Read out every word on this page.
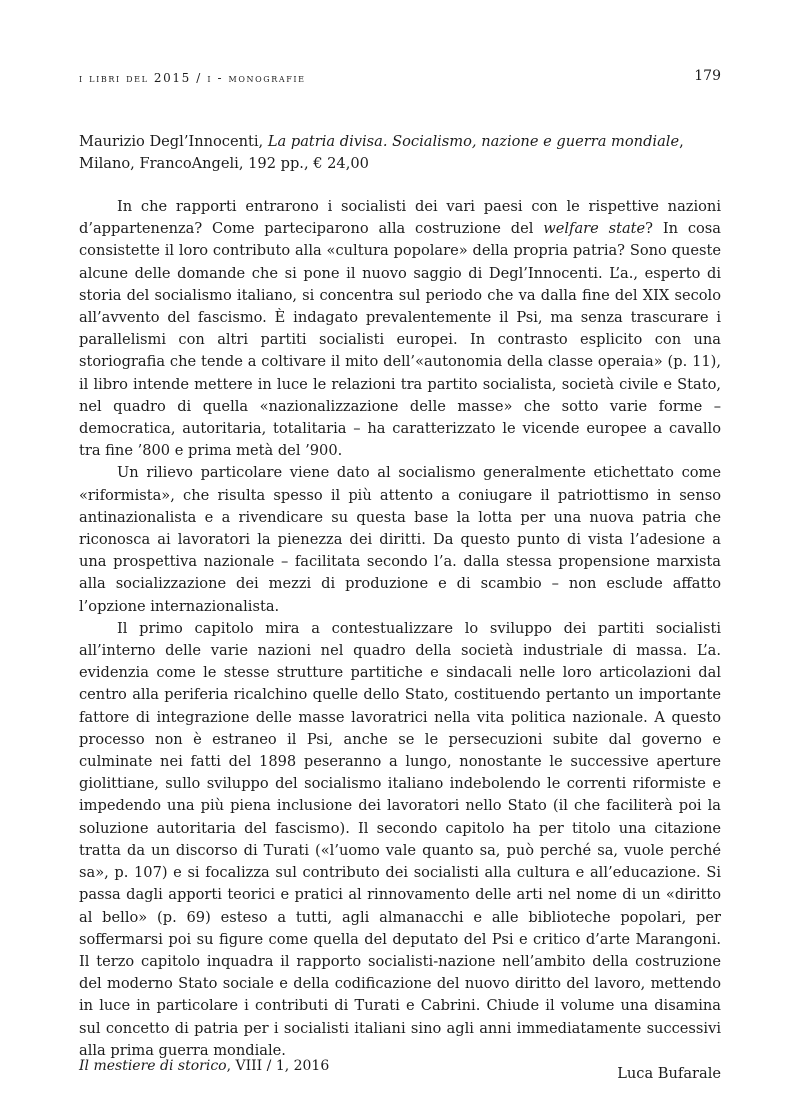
i libri del 2015 / i - monografie	179
Maurizio Degl’Innocenti, La patria divisa. Socialismo, nazione e guerra mondiale, Milano, FrancoAngeli, 192 pp., € 24,00

In che rapporti entrarono i socialisti dei vari paesi con le rispettive nazioni d’appartenenza? Come parteciparono alla costruzione del welfare state? In cosa consistette il loro contributo alla «cultura popolare» della propria patria? Sono queste alcune delle domande che si pone il nuovo saggio di Degl’Innocenti. L’a., esperto di storia del socialismo italiano, si concentra sul periodo che va dalla fine del XIX secolo all’avvento del fascismo. È indagato prevalentemente il Psi, ma senza trascurare i parallelismi con altri partiti socialisti europei. In contrasto esplicito con una storiografia che tende a coltivare il mito dell’«autonomia della classe operaia» (p. 11), il libro intende mettere in luce le relazioni tra partito socialista, società civile e Stato, nel quadro di quella «nazionalizzazione delle masse» che sotto varie forme – democratica, autoritaria, totalitaria – ha caratterizzato le vicende europee a cavallo tra fine ’800 e prima metà del ’900.

Un rilievo particolare viene dato al socialismo generalmente etichettato come «riformista», che risulta spesso il più attento a coniugare il patriottismo in senso antinazionalista e a rivendicare su questa base la lotta per una nuova patria che riconosca ai lavoratori la pienezza dei diritti. Da questo punto di vista l’adesione a una prospettiva nazionale – facilitata secondo l’a. dalla stessa propensione marxista alla socializzazione dei mezzi di produzione e di scambio – non esclude affatto l’opzione internazionalista.

Il primo capitolo mira a contestualizzare lo sviluppo dei partiti socialisti all’interno delle varie nazioni nel quadro della società industriale di massa. L’a. evidenzia come le stesse strutture partitiche e sindacali nelle loro articolazioni dal centro alla periferia ricalchino quelle dello Stato, costituendo pertanto un importante fattore di integrazione delle masse lavoratrici nella vita politica nazionale. A questo processo non è estraneo il Psi, anche se le persecuzioni subite dal governo e culminate nei fatti del 1898 peseranno a lungo, nonostante le successive aperture giolittiane, sullo sviluppo del socialismo italiano indebolendo le correnti riformiste e impedendo una più piena inclusione dei lavoratori nello Stato (il che faciliterà poi la soluzione autoritaria del fascismo). Il secondo capitolo ha per titolo una citazione tratta da un discorso di Turati («l’uomo vale quanto sa, può perché sa, vuole perché sa», p. 107) e si focalizza sul contributo dei socialisti alla cultura e all’educazione. Si passa dagli apporti teorici e pratici al rinnovamento delle arti nel nome di un «diritto al bello» (p. 69) esteso a tutti, agli almanacchi e alle biblioteche popolari, per soffermarsi poi su figure come quella del deputato del Psi e critico d’arte Marangoni. Il terzo capitolo inquadra il rapporto socialisti-nazione nell’ambito della costruzione del moderno Stato sociale e della codificazione del nuovo diritto del lavoro, mettendo in luce in particolare i contributi di Turati e Cabrini. Chiude il volume una disamina sul concetto di patria per i socialisti italiani sino agli anni immediatamente successivi alla prima guerra mondiale.

Luca Bufarale
Il mestiere di storico, VIII / 1, 2016
